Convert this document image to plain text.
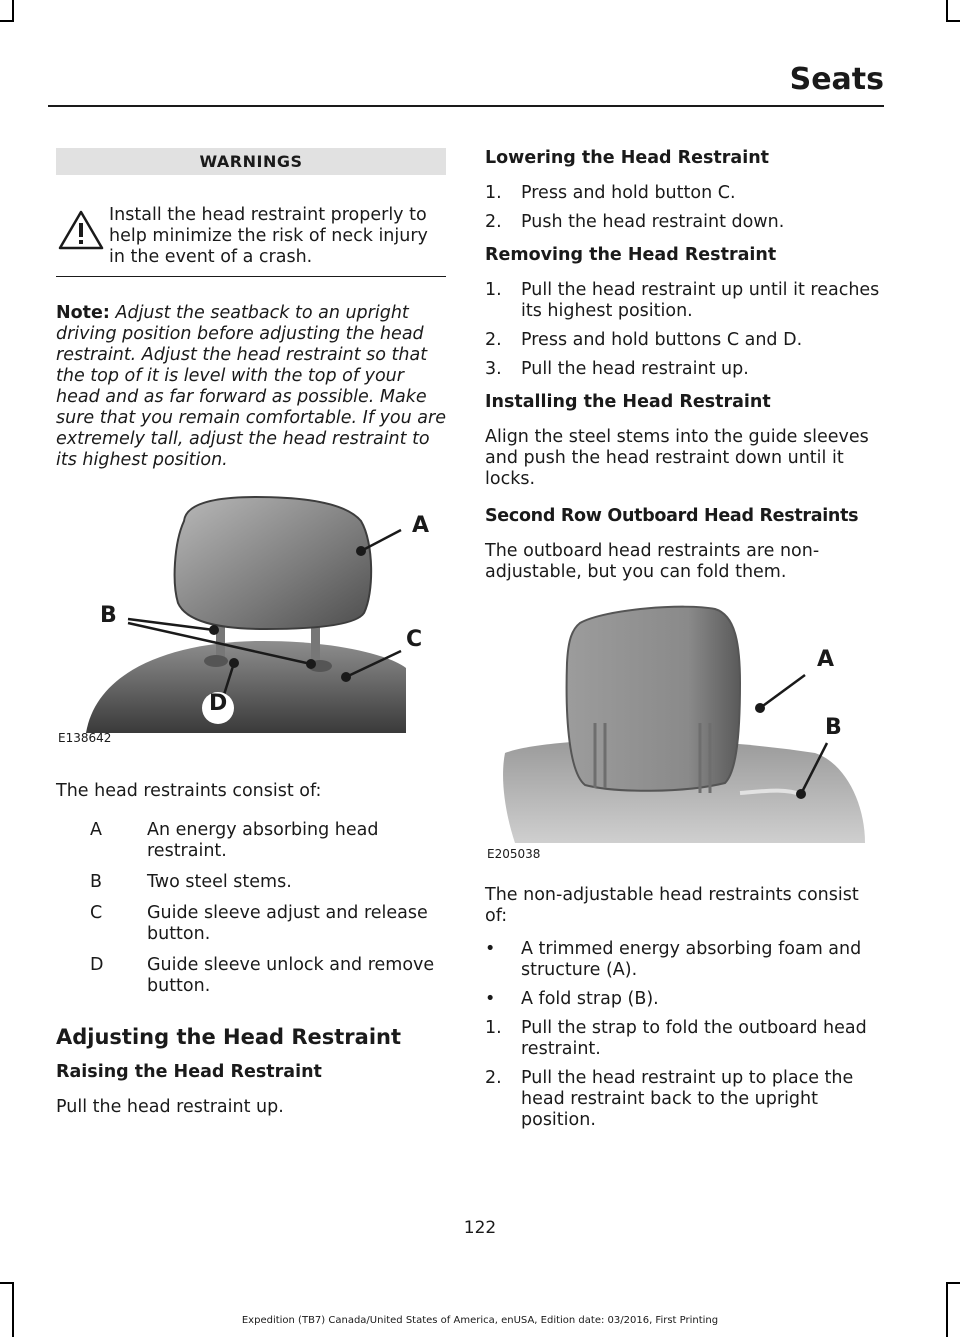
Seats
WARNINGS

Install the head restraint properly to help minimize the risk of neck injury in the event of a crash.

Note: Adjust the seatback to an upright driving position before adjusting the head restraint. Adjust the head restraint so that the top of it is level with the top of your head and as far forward as possible. Make sure that you remain comfortable. If you are extremely tall, adjust the head restraint to its highest position.

A
B
C
D
E138642

The head restraints consist of:

A	An energy absorbing head restraint.
B	Two steel stems.
C	Guide sleeve adjust and release button.
D	Guide sleeve unlock and remove button.

Adjusting the Head Restraint

Raising the Head Restraint

Pull the head restraint up.

Lowering the Head Restraint

1.	Press and hold button C.
2.	Push the head restraint down.

Removing the Head Restraint

1.	Pull the head restraint up until it reaches its highest position.
2.	Press and hold buttons C and D.
3.	Pull the head restraint up.

Installing the Head Restraint

Align the steel stems into the guide sleeves and push the head restraint down until it locks.

Second Row Outboard Head Restraints

The outboard head restraints are non-adjustable, but you can fold them.

A
B
E205038

The non-adjustable head restraints consist of:

•	A trimmed energy absorbing foam and structure (A).
•	A fold strap (B).
1.	Pull the strap to fold the outboard head restraint.
2.	Pull the head restraint up to place the head restraint back to the upright position.
122
Expedition (TB7) Canada/United States of America, enUSA, Edition date: 03/2016, First Printing
